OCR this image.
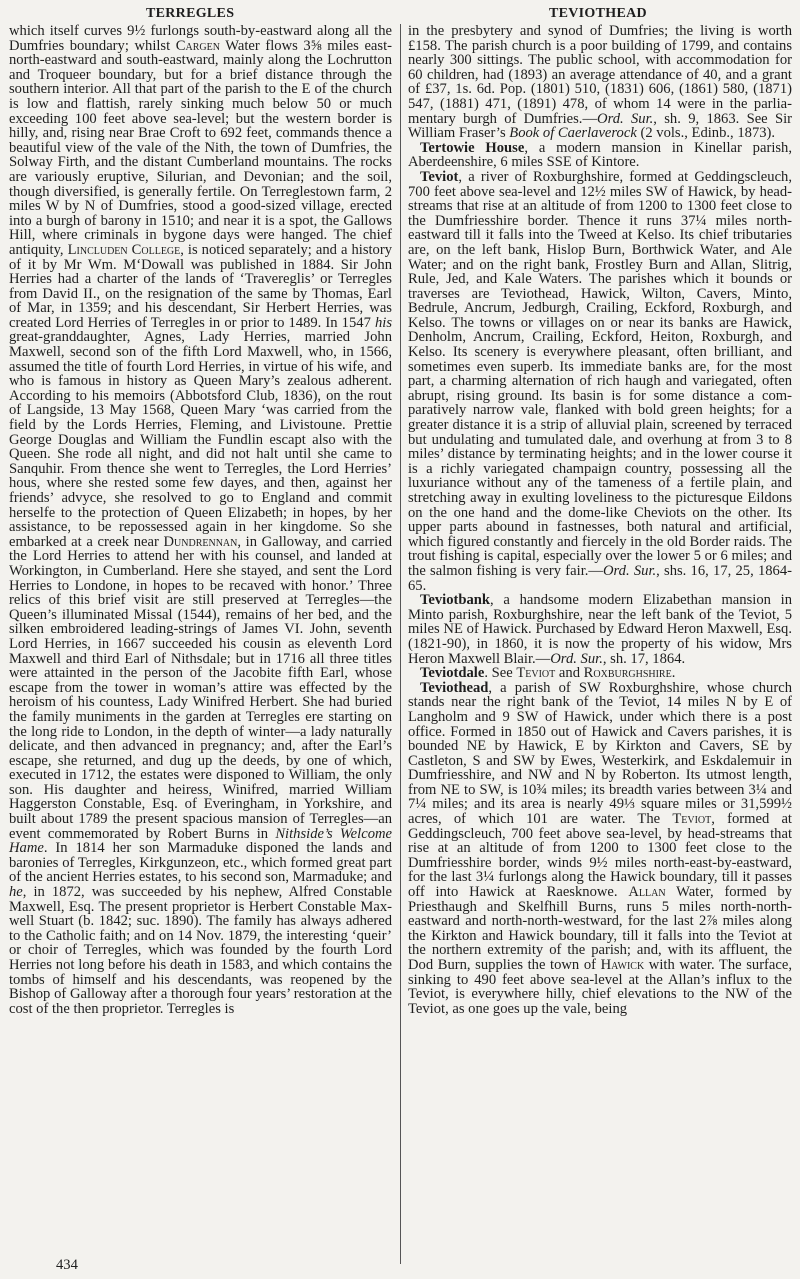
TERREGLES	TEVIOTHEAD

which itself curves 9½ furlongs south-by-eastward along all the Dumfries boundary; whilst Cargen Water flows 3⅝ miles east-north-eastward and south-eastward, mainly along the Lochrutton and Troqueer boundary, but for a brief distance through the southern interior. All that part of the parish to the E of the church is low and flattish, rarely sinking much below 50 or much exceeding 100 feet above sea-level; but the western border is hilly, and, rising near Brae Croft to 692 feet, commands thence a beautiful view of the vale of the Nith, the town of Dumfries, the Solway Firth, and the distant Cumberland mountains. The rocks are variously eruptive, Silurian, and Devonian; and the soil, though diversified, is generally fertile. On Terreglestown farm, 2 miles W by N of Dumfries, stood a good-sized village, erected into a burgh of barony in 1510; and near it is a spot, the Gallows Hill, where criminals in bygone days were hanged. The chief antiquity, Lincluden College, is noticed separately; and a history of it by Mr Wm. M‘Dowall was published in 1884. Sir John Herries had a charter of the lands of ‘Travereglis’ or Terregles from David II., on the resignation of the same by Thomas, Earl of Mar, in 1359; and his descendant, Sir Herbert Herries, was created Lord Herries of Terregles in or prior to 1489. In 1547 his great-granddaughter, Agnes, Lady Herries, married John Maxwell, second son of the fifth Lord Maxwell, who, in 1566, assumed the title of fourth Lord Herries, in virtue of his wife, and who is famous in history as Queen Mary’s zealous adherent. According to his memoirs (Abbotsford Club, 1836), on the rout of Langside, 13 May 1568, Queen Mary ‘was carried from the field by the Lords Herries, Fleming, and Livistoune. Prettie George Douglas and William the Fundlin escapt also with the Queen. She rode all night, and did not halt until she came to Sanquhir. From thence she went to Terregles, the Lord Herries’ hous, where she rested some few dayes, and then, against her friends’ advyce, she resolved to go to England and commit herselfe to the protection of Queen Elizabeth; in hopes, by her assistance, to be repossessed again in her kingdome. So she embarked at a creek near Dundrennan, in Galloway, and carried the Lord Herries to attend her with his counsel, and landed at Workington, in Cumberland. Here she stayed, and sent the Lord Herries to Londone, in hopes to be recaved with honor.’ Three relics of this brief visit are still preserved at Terregles—the Queen’s illuminated Missal (1544), remains of her bed, and the silken embroidered leading-strings of James VI. John, seventh Lord Herries, in 1667 succeeded his cousin as eleventh Lord Maxwell and third Earl of Nithsdale; but in 1716 all three titles were attainted in the person of the Jacobite fifth Earl, whose escape from the tower in woman’s attire was effected by the heroism of his countess, Lady Winifred Herbert. She had buried the family muniments in the garden at Terregles ere starting on the long ride to London, in the depth of winter—a lady naturally delicate, and then advanced in pregnancy; and, after the Earl’s escape, she returned, and dug up the deeds, by one of which, executed in 1712, the estates were disponed to William, the only son. His daughter and heiress, Winifred, married William Haggerston Constable, Esq. of Everingham, in Yorkshire, and built about 1789 the present spacious mansion of Terregles—an event commemorated by Robert Burns in Nithside’s Welcome Hame. In 1814 her son Marmaduke disponed the lands and baronies of Terregles, Kirkgunzeon, etc., which formed great part of the ancient Herries estates, to his second son, Marmaduke; and he, in 1872, was succeeded by his nephew, Alfred Constable Maxwell, Esq. The present proprietor is Herbert Constable Maxwell Stuart (b. 1842; suc. 1890). The family has always adhered to the Catholic faith; and on 14 Nov. 1879, the interesting ‘queir’ or choir of Terregles, which was founded by the fourth Lord Herries not long before his death in 1583, and which contains the tombs of himself and his descendants, was reopened by the Bishop of Galloway after a thorough four years’ restoration at the cost of the then proprietor. Terregles is

in the presbytery and synod of Dumfries; the living is worth £158. The parish church is a poor building of 1799, and contains nearly 300 sittings. The public school, with accommodation for 60 children, had (1893) an average attendance of 40, and a grant of £37, 1s. 6d. Pop. (1801) 510, (1831) 606, (1861) 580, (1871) 547, (1881) 471, (1891) 478, of whom 14 were in the parliamentary burgh of Dumfries.—Ord. Sur., sh. 9, 1863. See Sir William Fraser’s Book of Caerlaverock (2 vols., Edinb., 1873).

Tertowie House, a modern mansion in Kinellar parish, Aberdeenshire, 6 miles SSE of Kintore.

Teviot, a river of Roxburghshire, formed at Geddingscleuch, 700 feet above sea-level and 12½ miles SW of Hawick, by head-streams that rise at an altitude of from 1200 to 1300 feet close to the Dumfriesshire border. Thence it runs 37¼ miles north-eastward till it falls into the Tweed at Kelso. Its chief tributaries are, on the left bank, Hislop Burn, Borthwick Water, and Ale Water; and on the right bank, Frostley Burn and Allan, Slitrig, Rule, Jed, and Kale Waters. The parishes which it bounds or traverses are Teviothead, Hawick, Wilton, Cavers, Minto, Bedrule, Ancrum, Jedburgh, Crailing, Eckford, Roxburgh, and Kelso. The towns or villages on or near its banks are Hawick, Denholm, Ancrum, Crailing, Eckford, Heiton, Roxburgh, and Kelso. Its scenery is everywhere pleasant, often brilliant, and sometimes even superb. Its immediate banks are, for the most part, a charming alternation of rich haugh and variegated, often abrupt, rising ground. Its basin is for some distance a comparatively narrow vale, flanked with bold green heights; for a greater distance it is a strip of alluvial plain, screened by terraced but undulating and tumulated dale, and overhung at from 3 to 8 miles’ distance by terminating heights; and in the lower course it is a richly variegated champaign country, possessing all the luxuriance without any of the tameness of a fertile plain, and stretching away in exulting loveliness to the picturesque Eildons on the one hand and the dome-like Cheviots on the other. Its upper parts abound in fastnesses, both natural and artificial, which figured constantly and fiercely in the old Border raids. The trout fishing is capital, especially over the lower 5 or 6 miles; and the salmon fishing is very fair.—Ord. Sur., shs. 16, 17, 25, 1864-65.

Teviotbank, a handsome modern Elizabethan mansion in Minto parish, Roxburghshire, near the left bank of the Teviot, 5 miles NE of Hawick. Purchased by Edward Heron Maxwell, Esq. (1821-90), in 1860, it is now the property of his widow, Mrs Heron Maxwell Blair.—Ord. Sur., sh. 17, 1864.

Teviotdale. See Teviot and Roxburghshire.

Teviothead, a parish of SW Roxburghshire, whose church stands near the right bank of the Teviot, 14 miles N by E of Langholm and 9 SW of Hawick, under which there is a post office. Formed in 1850 out of Hawick and Cavers parishes, it is bounded NE by Hawick, E by Kirkton and Cavers, SE by Castleton, S and SW by Ewes, Westerkirk, and Eskdalemuir in Dumfriesshire, and NW and N by Roberton. Its utmost length, from NE to SW, is 10¾ miles; its breadth varies between 3¼ and 7¼ miles; and its area is nearly 49⅓ square miles or 31,599½ acres, of which 101 are water. The Teviot, formed at Geddingscleuch, 700 feet above sea-level, by head-streams that rise at an altitude of from 1200 to 1300 feet close to the Dumfriesshire border, winds 9½ miles north-east-by-eastward, for the last 3¼ furlongs along the Hawick boundary, till it passes off into Hawick at Raesknowe. Allan Water, formed by Priesthaugh and Skelfhill Burns, runs 5 miles north-north-eastward and north-north-westward, for the last 2⅞ miles along the Kirkton and Hawick boundary, till it falls into the Teviot at the northern extremity of the parish; and, with its affluent, the Dod Burn, supplies the town of Hawick with water. The surface, sinking to 490 feet above sea-level at the Allan’s influx to the Teviot, is everywhere hilly, chief elevations to the NW of the Teviot, as one goes up the vale, being

434
